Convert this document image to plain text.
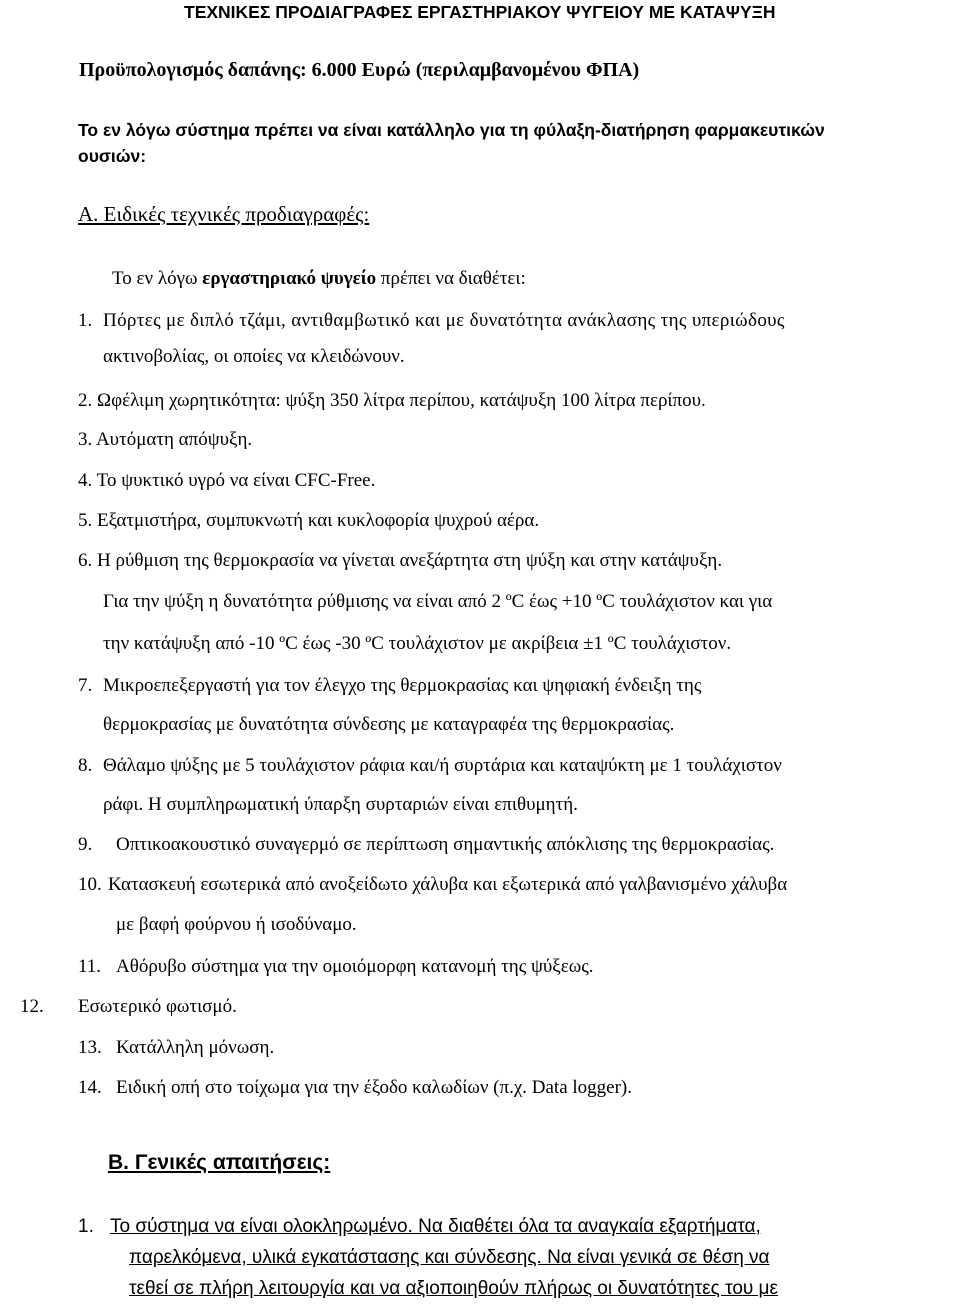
ΤΕΧΝΙΚΕΣ ΠΡΟΔΙΑΓΡΑΦΕΣ ΕΡΓΑΣΤΗΡΙΑΚΟΥ ΨΥΓΕΙΟΥ ΜΕ ΚΑΤΑΨΥΞΗ
Προϋπολογισμός δαπάνης: 6.000 Ευρώ (περιλαμβανομένου ΦΠΑ)
Το εν λόγω σύστημα πρέπει να είναι κατάλληλο για τη φύλαξη-διατήρηση φαρμακευτικών
ουσιών:
Α. Ειδικές τεχνικές προδιαγραφές:
Το εν λόγω εργαστηριακό ψυγείο πρέπει να διαθέτει:
1. Πόρτες με διπλό τζάμι, αντιθαμβωτικό και με δυνατότητα ανάκλασης της υπεριώδους
ακτινοβολίας, οι οποίες να κλειδώνουν.
2. Ωφέλιμη χωρητικότητα: ψύξη 350 λίτρα περίπου, κατάψυξη 100 λίτρα περίπου.
3. Αυτόματη απόψυξη.
4. Το ψυκτικό υγρό να είναι CFC-Free.
5. Εξατμιστήρα, συμπυκνωτή και κυκλοφορία ψυχρού αέρα.
6. Η ρύθμιση της θερμοκρασία να γίνεται ανεξάρτητα στη ψύξη και στην κατάψυξη.
Για την ψύξη η δυνατότητα ρύθμισης να είναι από 2 ºC έως +10 ºC τουλάχιστον και για
την κατάψυξη από -10 ºC έως -30 ºC τουλάχιστον με ακρίβεια ±1 ºC τουλάχιστον.
7. Μικροεπεξεργαστή για τον έλεγχο της θερμοκρασίας και ψηφιακή ένδειξη της
θερμοκρασίας με δυνατότητα σύνδεσης με καταγραφέα της θερμοκρασίας.
8. Θάλαμο ψύξης με 5 τουλάχιστον ράφια και/ή συρτάρια και καταψύκτη με 1 τουλάχιστον
ράφι. Η συμπληρωματική ύπαρξη συρταριών είναι επιθυμητή.
9. Οπτικοακουστικό συναγερμό σε περίπτωση σημαντικής απόκλισης της θερμοκρασίας.
10. Κατασκευή εσωτερικά από ανοξείδωτο χάλυβα και εξωτερικά από γαλβανισμένο χάλυβα
με βαφή φούρνου ή ισοδύναμο.
11. Αθόρυβο σύστημα για την ομοιόμορφη κατανομή της ψύξεως.
12. Εσωτερικό φωτισμό.
13. Κατάλληλη μόνωση.
14. Ειδική οπή στο τοίχωμα για την έξοδο καλωδίων (π.χ. Data logger).
Β. Γενικές απαιτήσεις:
1. Το σύστημα να είναι ολοκληρωμένο. Να διαθέτει όλα τα αναγκαία εξαρτήματα,
παρελκόμενα, υλικά εγκατάστασης και σύνδεσης. Να είναι γενικά σε θέση να
τεθεί σε πλήρη λειτουργία και να αξιοποιηθούν πλήρως οι δυνατότητες του με
